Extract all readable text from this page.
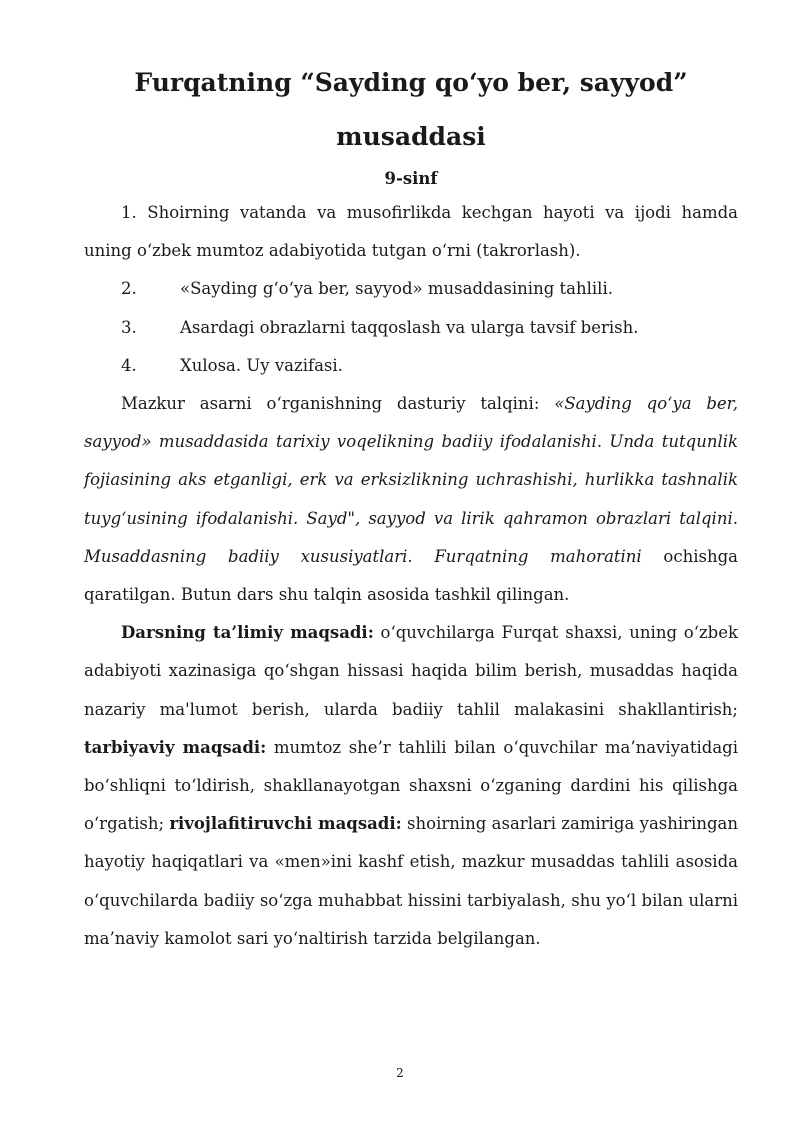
Furqatning “Sayding qo‘yo ber, sayyod” musaddasi
9-sinf

1. Shoirning vatanda va musofirlikda kechgan hayoti va ijodi hamda uning o‘zbek mumtoz adabiyotida tutgan o‘rni (takrorlash).

2.	«Sayding g‘o‘ya ber, sayyod» musaddasining tahlili.
3.	Asardagi obrazlarni taqqoslash va ularga tavsif berish.
4.	Xulosa. Uy vazifasi.

Mazkur asarni o‘rganishning dasturiy talqini: «Sayding qo‘ya ber, sayyod» musaddasida tarixiy voqelikning badiiy ifodalanishi. Unda tutqunlik fojiasining aks etganligi, erk va erksizlikning uchrashishi, hurlikka tashnalik tuyg‘usining ifodalanishi. Sayd", sayyod va lirik qahramon obrazlari talqini. Musaddasning badiiy xususiyatlari. Furqatning mahoratini ochishga qaratilgan. Butun dars shu talqin asosida tashkil qilingan.

Darsning ta’limiy maqsadi: o‘quvchilarga Furqat shaxsi, uning o‘zbek adabiyoti xazinasiga qo‘shgan hissasi haqida bilim berish, musaddas haqida nazariy ma'lumot berish, ularda badiiy tahlil malakasini shakllantirish; tarbiyaviy maqsadi: mumtoz she’r tahlili bilan o‘quvchilar ma’naviyatidagi bo‘shliqni to‘ldirish, shakllanayotgan shaxsni o‘zganing dardini his qilishga o‘rgatish; rivojlafitiruvchi maqsadi: shoirning asarlari zamiriga yashiringan hayotiy haqiqatlari va «men»ini kashf etish, mazkur musaddas tahlili asosida o‘quvchilarda badiiy so‘zga muhabbat hissini tarbiyalash, shu yo‘l bilan ularni ma’naviy kamolot sari yo‘naltirish tarzida belgilangan.

2
